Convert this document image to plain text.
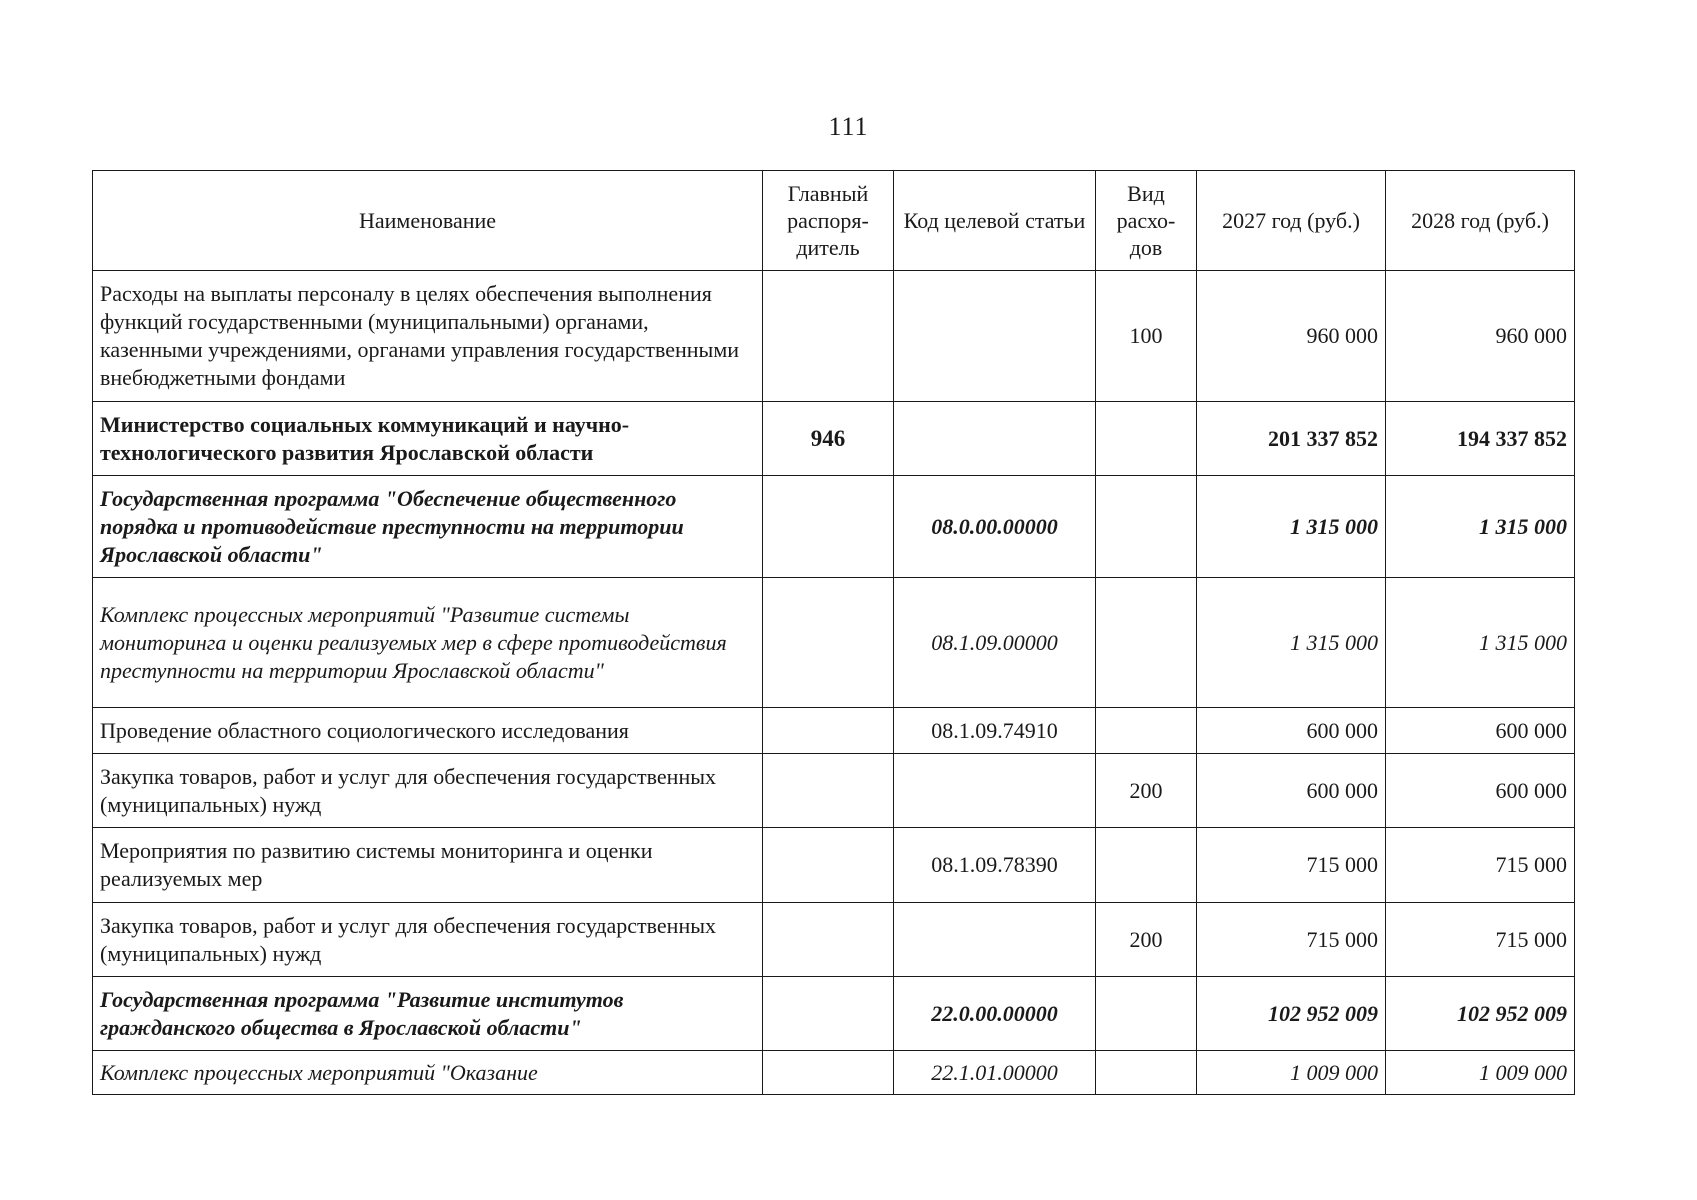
111
Наименование	Главный распоря-дитель	Код целевой статьи	Вид расхо-дов	2027 год (руб.)	2028 год (руб.)
Расходы на выплаты персоналу в целях обеспечения выполнения функций государственными (муниципальными) органами, казенными учреждениями, органами управления государственными внебюджетными фондами			100	960 000	960 000
Министерство социальных коммуникаций и научно-технологического развития Ярославской области	946			201 337 852	194 337 852
Государственная программа "Обеспечение общественного порядка и противодействие преступности на территории Ярославской области"		08.0.00.00000		1 315 000	1 315 000
Комплекс процессных мероприятий "Развитие системы мониторинга и оценки реализуемых мер в сфере противодействия преступности на территории Ярославской области"		08.1.09.00000		1 315 000	1 315 000
Проведение областного социологического исследования		08.1.09.74910		600 000	600 000
Закупка товаров, работ и услуг для обеспечения государственных (муниципальных) нужд			200	600 000	600 000
Мероприятия по развитию системы мониторинга и оценки реализуемых мер		08.1.09.78390		715 000	715 000
Закупка товаров, работ и услуг для обеспечения государственных (муниципальных) нужд			200	715 000	715 000
Государственная программа "Развитие институтов гражданского общества в Ярославской области"		22.0.00.00000		102 952 009	102 952 009
Комплекс процессных мероприятий "Оказание		22.1.01.00000		1 009 000	1 009 000
